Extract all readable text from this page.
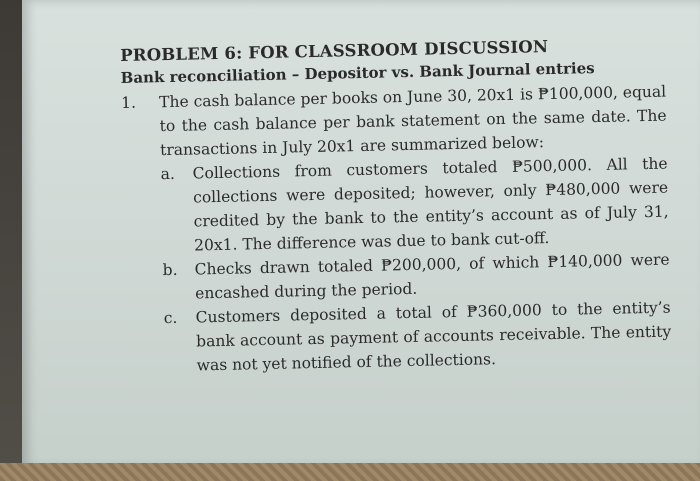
PROBLEM 6: FOR CLASSROOM DISCUSSION
Bank reconciliation – Depositor vs. Bank Journal entries
1.	The cash balance per books on June 30, 20x1 is ₱100,000, equal to the cash balance per bank statement on the same date. The transactions in July 20x1 are summarized below:
a.	Collections from customers totaled ₱500,000. All the collections were deposited; however, only ₱480,000 were credited by the bank to the entity’s account as of July 31, 20x1. The difference was due to bank cut-off.
b.	Checks drawn totaled ₱200,000, of which ₱140,000 were encashed during the period.
c.	Customers deposited a total of ₱360,000 to the entity’s bank account as payment of accounts receivable. The entity was not yet notified of the collections.
